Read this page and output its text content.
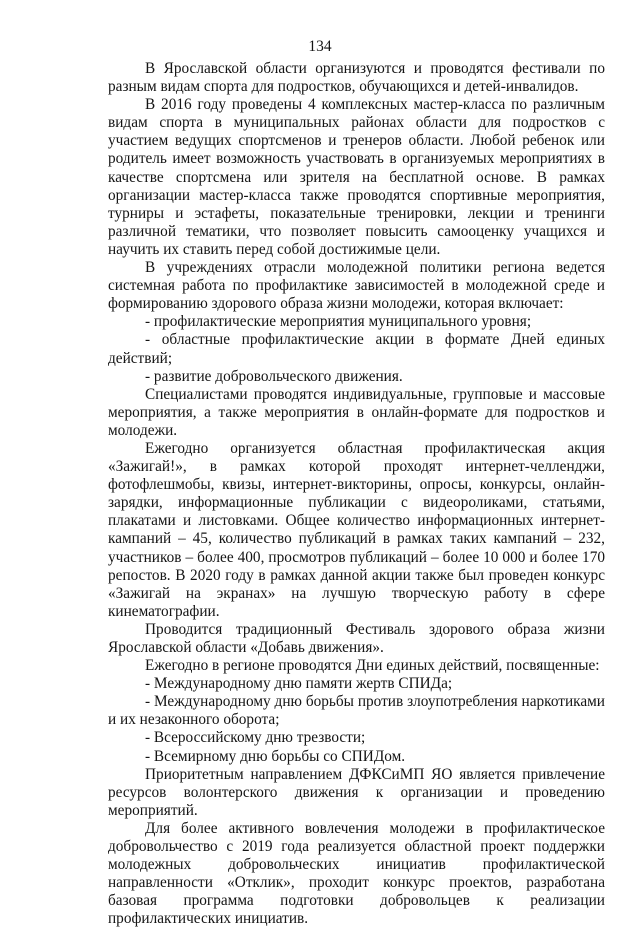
134

В Ярославской области организуются и проводятся фестивали по разным видам спорта для подростков, обучающихся и детей-инвалидов.

В 2016 году проведены 4 комплексных мастер-класса по различным видам спорта в муниципальных районах области для подростков с участием ведущих спортсменов и тренеров области. Любой ребенок или родитель имеет возможность участвовать в организуемых мероприятиях в качестве спортсмена или зрителя на бесплатной основе. В рамках организации мастер-класса также проводятся спортивные мероприятия, турниры и эстафеты, показательные тренировки, лекции и тренинги различной тематики, что позволяет повысить самооценку учащихся и научить их ставить перед собой достижимые цели.

В учреждениях отрасли молодежной политики региона ведется системная работа по профилактике зависимостей в молодежной среде и формированию здорового образа жизни молодежи, которая включает:

- профилактические мероприятия муниципального уровня;

- областные профилактические акции в формате Дней единых действий;

- развитие добровольческого движения.

Специалистами проводятся индивидуальные, групповые и массовые мероприятия, а также мероприятия в онлайн-формате для подростков и молодежи.

Ежегодно организуется областная профилактическая акция «Зажигай!», в рамках которой проходят интернет-челленджи, фотофлешмобы, квизы, интернет-викторины, опросы, конкурсы, онлайн-зарядки, информационные публикации с видеороликами, статьями, плакатами и листовками. Общее количество информационных интернет-кампаний – 45, количество публикаций в рамках таких кампаний – 232, участников – более 400, просмотров публикаций – более 10 000 и более 170 репостов. В 2020 году в рамках данной акции также был проведен конкурс «Зажигай на экранах» на лучшую творческую работу в сфере кинематографии.

Проводится традиционный Фестиваль здорового образа жизни Ярославской области «Добавь движения».

Ежегодно в регионе проводятся Дни единых действий, посвященные:

- Международному дню памяти жертв СПИДа;

- Международному дню борьбы против злоупотребления наркотиками и их незаконного оборота;

- Всероссийскому дню трезвости;

- Всемирному дню борьбы со СПИДом.

Приоритетным направлением ДФКСиМП ЯО является привлечение ресурсов волонтерского движения к организации и проведению мероприятий.

Для более активного вовлечения молодежи в профилактическое добровольчество с 2019 года реализуется областной проект поддержки молодежных добровольческих инициатив профилактической направленности «Отклик», проходит конкурс проектов, разработана базовая программа подготовки добровольцев к реализации профилактических инициатив.
